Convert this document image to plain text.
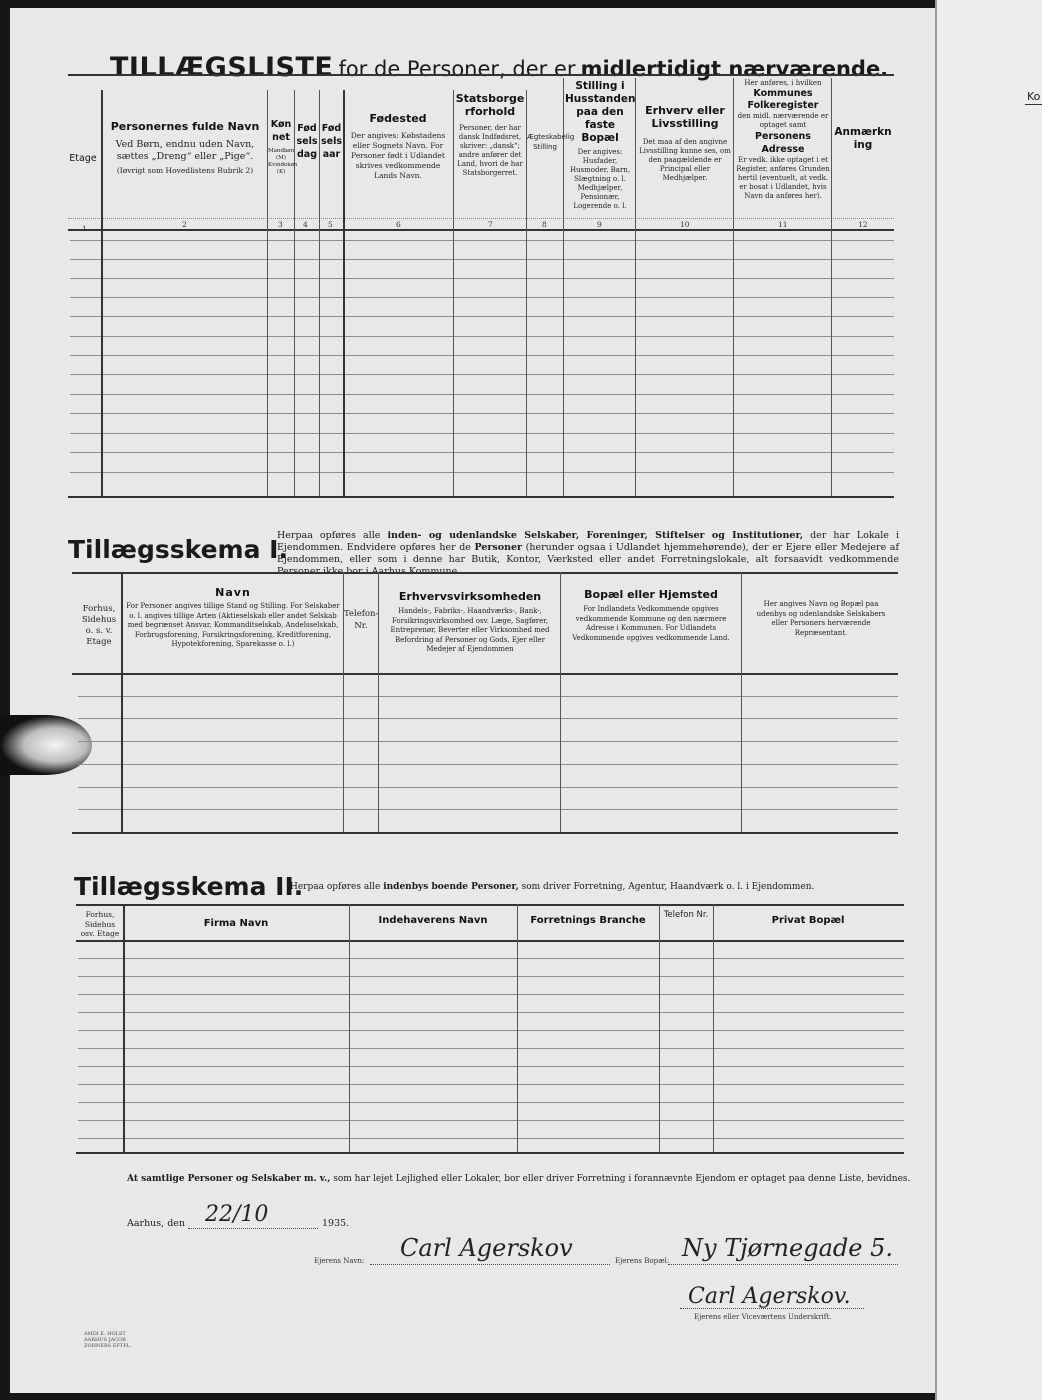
Ko
TILLÆGSLISTE for de Personer, der er midlertidigt nærværende.
Etage
Personernes fulde Navn
Ved Børn, endnu uden Navn, sættes „Dreng“ eller „Pige“.
(Iøvrigt som Hovedlistens Rubrik 2)
Kønnet
Mandkøn (M) Kvindekøn (K)
Fødselsdag
Fødselsaar
Fødested
Der angives: Købstadens eller Sognets Navn. For Personer født i Udlandet skrives vedkommende Lands Navn.
Statsborgerforhold
Personer, der har dansk Indfødsret, skriver: „dansk“; andre anfører det Land, hvori de har Statsborgerret.
Ægteskabelig Stilling
Stilling i Husstanden paa den faste Bopæl
Der angives: Husfader, Husmoder, Barn, Slægtning o. l. Medhjælper, Pensionær, Logerende o. l.
Erhverv eller Livsstilling
Det maa af den angivne Livsstilling kunne ses, om den paagældende er Principal eller Medhjælper.
Her anføres, i hvilken
Kommunes Folkeregister
den midl. nærværende er optaget samt
Personens Adresse
Er vedk. ikke optaget i et Register, anføres Grunden hertil (eventuelt, at vedk. er bosat i Udlandet, hvis Navn da anføres her).
Anmærkning
1	2	3	4	5	6	7	8	9	10	11	12
Tillægsskema I.
Herpaa opføres alle inden- og udenlandske Selskaber, Foreninger, Stiftelser og Institutioner, der har Lokale i Ejendommen. Endvidere opføres her de Personer (herunder ogsaa i Udlandet hjemmehørende), der er Ejere eller Medejere af Ejendommen, eller som i denne har Butik, Kontor, Værksted eller andet Forretningslokale, alt forsaavidt vedkommende Personer ikke bor i Aarhus Kommune.
Forhus, Sidehus o. s. v. Etage
Navn
For Personer angives tillige Stand og Stilling. For Selskaber o. l. angives tillige Arten (Aktieselskab eller andet Selskab med begrænset Ansvar, Kommanditselskab, Andelsselskab, Forbrugsforening, Forsikringsforening, Kreditforening, Hypotekforening, Sparekasse o. l.)
Telefon-Nr.
Erhvervsvirksomheden
Handels-, Fabriks-, Haandværks-, Bank-, Forsikringsvirksomhed osv. Læge, Sagfører, Entreprenør, Beverter eller Virksomhed med Befordring af Personer og Gods, Ejer eller Medejer af Ejendommen
Bopæl eller Hjemsted
For Indlandets Vedkommende opgives vedkommende Kommune og den nærmere Adresse i Kommunen. For Udlandets Vedkommende opgives vedkommende Land.
Her angives Navn og Bopæl paa udenbys og udenlandske Selskabers eller Personers herværende Repræsentant.
Tillægsskema II.
Herpaa opføres alle indenbys boende Personer, som driver Forretning, Agentur, Haandværk o. l. i Ejendommen.
Forhus, Sidehus osv. Etage
Firma Navn	Indehaverens Navn	Forretnings Branche	Telefon Nr.	Privat Bopæl
At samtlige Personer og Selskaber m. v., som har lejet Lejlighed eller Lokaler, bor eller driver Forretning i forannævnte Ejendom er optaget paa denne Liste, bevidnes.
Aarhus, den 22/10	1935.
Ejerens Navn: Carl Agerskov	Ejerens Bopæl: Ny Tjørnegade 5.
Carl Agerskov.
Ejerens eller Viceværtens Underskrift.
AMDI E. HOLST AARHUS JACOB ZOHNERS EFTFL.
